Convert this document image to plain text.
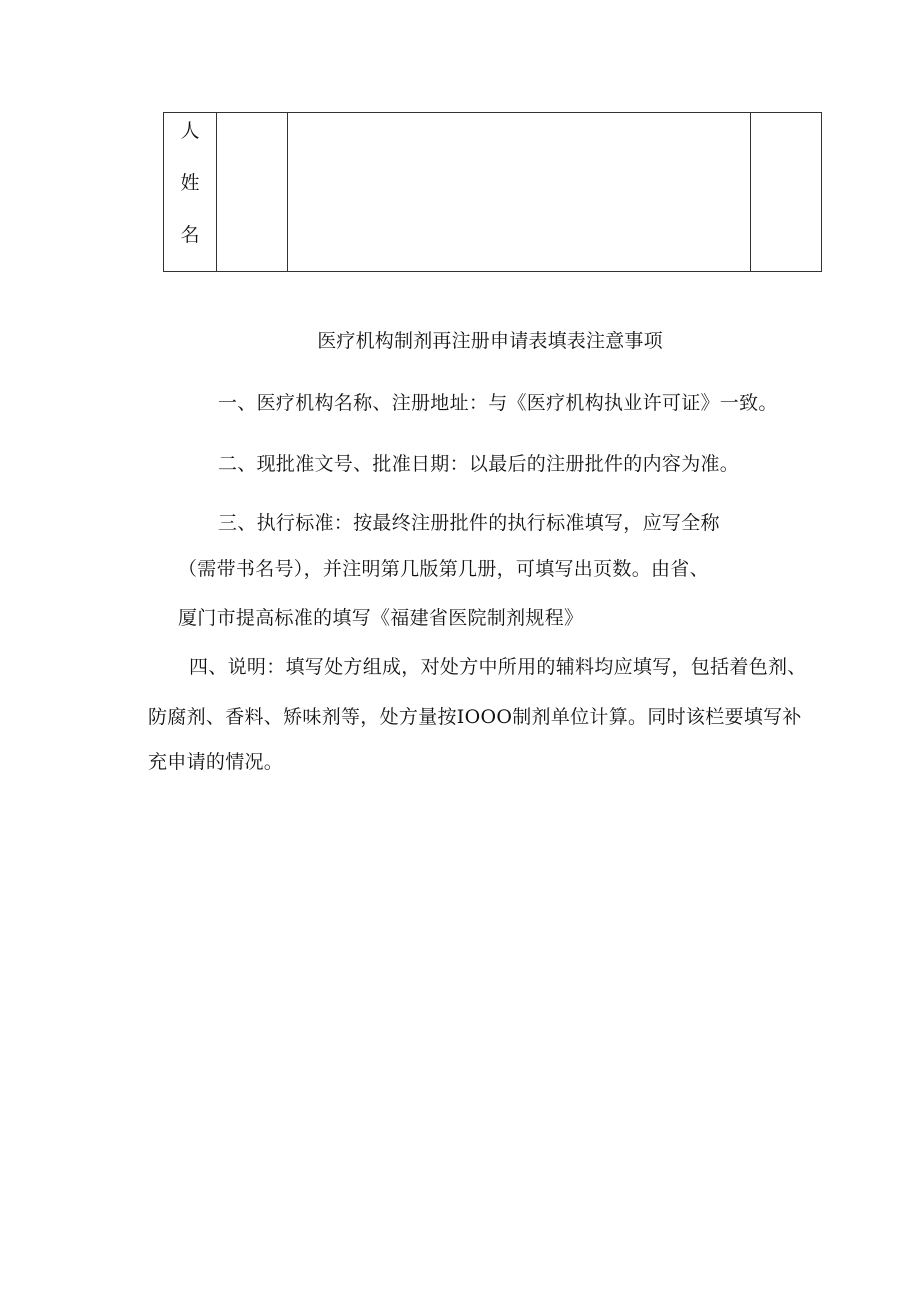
人
姓
名

医疗机构制剂再注册申请表填表注意事项
一、医疗机构名称、注册地址：与《医疗机构执业许可证》一致。
二、现批准文号、批准日期：以最后的注册批件的内容为准。
三、执行标准：按最终注册批件的执行标准填写，应写全称
（需带书名号），并注明第几版第几册，可填写出页数。由省、
厦门市提高标准的填写《福建省医院制剂规程》
四、说明：填写处方组成，对处方中所用的辅料均应填写，包括着色剂、
防腐剂、香料、矫味剂等，处方量按IOOO制剂单位计算。同时该栏要填写补
充申请的情况。
